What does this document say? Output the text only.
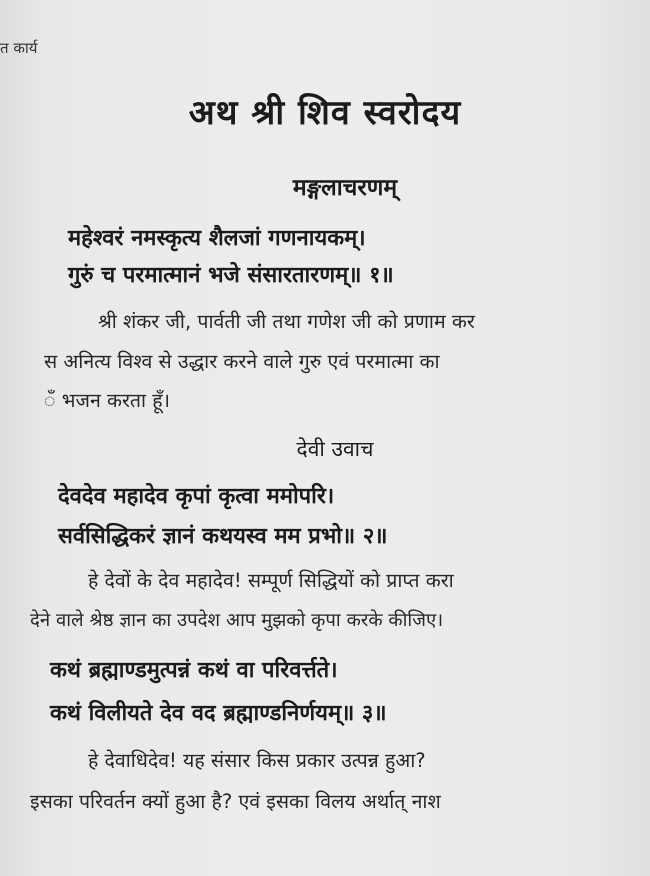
त कार्य
अथ श्री शिव स्वरोदय
मङ्गलाचरणम्

महेश्वरं नमस्कृत्य शैलजां गणनायकम्।

गुरुं च परमात्मानं भजे संसारतारणम्॥ १॥

श्री शंकर जी, पार्वती जी तथा गणेश जी को प्रणाम कर

स अनित्य विश्व से उद्धार करने वाले गुरु एवं परमात्मा का

ँ भजन करता हूँ।

देवी उवाच

देवदेव महादेव कृपां कृत्वा ममोपरि।

सर्वसिद्धिकरं ज्ञानं कथयस्व मम प्रभो॥ २॥

हे देवों के देव महादेव! सम्पूर्ण सिद्धियों को प्राप्त करा

देने वाले श्रेष्ठ ज्ञान का उपदेश आप मुझको कृपा करके कीजिए।

कथं ब्रह्माण्डमुत्पन्नं कथं वा परिवर्त्तते।

कथं विलीयते देव वद ब्रह्माण्डनिर्णयम्॥ ३॥

हे देवाधिदेव! यह संसार किस प्रकार उत्पन्न हुआ?

इसका परिवर्तन क्यों हुआ है? एवं इसका विलय अर्थात् नाश
